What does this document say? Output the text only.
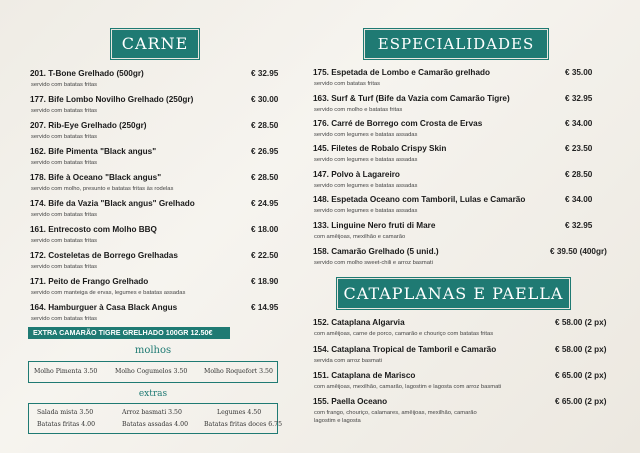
CARNE
201. T-Bone Grelhado (500gr)	€ 32.95
servido com batatas fritas
177. Bife Lombo Novilho Grelhado (250gr)	€ 30.00
servido com batatas fritas
207. Rib-Eye Grelhado (250gr)	€ 28.50
servido com batatas fritas
162. Bife Pimenta "Black angus"	€ 26.95
servido com batatas fritas
178. Bife à Oceano "Black angus"	€ 28.50
servido com molho, presunto e batatas fritas às rodelas
174. Bife da Vazia "Black angus" Grelhado	€ 24.95
servido com batatas fritas
161. Entrecosto com Molho BBQ	€ 18.00
servido com batatas fritas
172. Costeletas de Borrego Grelhadas	€ 22.50
servido com batatas fritas
171. Peito de Frango Grelhado	€ 18.90
servido com manteiga de ervas, legumes e batatas assadas
164. Hamburguer à Casa Black Angus	€ 14.95
servido com batatas fritas
EXTRA CAMARÃO TIGRE GRELHADO 100GR 12.50€
molhos
Molho Pimenta 3.50	Molho Cogumelos 3.50	Molho Roquefort 3.50
extras
Salada mista 3.50	Arroz basmati 3.50	Legumes 4.50
Batatas fritas 4.00	Batatas assadas 4.00	Batatas fritas doces 6.75
ESPECIALIDADES
175. Espetada de Lombo e Camarão grelhado	€ 35.00
servido com batatas fritas
163. Surf & Turf (Bife da Vazia com Camarão Tigre)	€ 32.95
servido com molho e batatas fritas
176. Carré de Borrego com Crosta de Ervas	€ 34.00
servido com legumes e batatas assadas
145. Filetes de Robalo Crispy Skin	€ 23.50
servido com legumes e batatas assadas
147. Polvo à Lagareiro	€ 28.50
servido com legumes e batatas assadas
148. Espetada Oceano com Tamboril, Lulas e Camarão	€ 34.00
servido com legumes e batatas assadas
133. Linguine Nero fruti di Mare	€ 32.95
com amêijoas, mexilhão e camarão
158. Camarão Grelhado (5 unid.)	€ 39.50 (400gr)
servido com molho sweet-chili e arroz basmati
CATAPLANAS E PAELLA
152. Cataplana Algarvia	€ 58.00 (2 px)
com amêijoas, carne de porco, camarão e chouriço com batatas fritas
154. Cataplana Tropical de Tamboril e Camarão	€ 58.00 (2 px)
servida com arroz basmati
151. Cataplana de Marisco	€ 65.00 (2 px)
com amêijoas, mexilhão, camarão, lagostim e lagosta com arroz basmati
155. Paella Oceano	€ 65.00 (2 px)
com frango, chouriço, calamares, amêijoas, mexilhão, camarão
lagostim e lagosta
